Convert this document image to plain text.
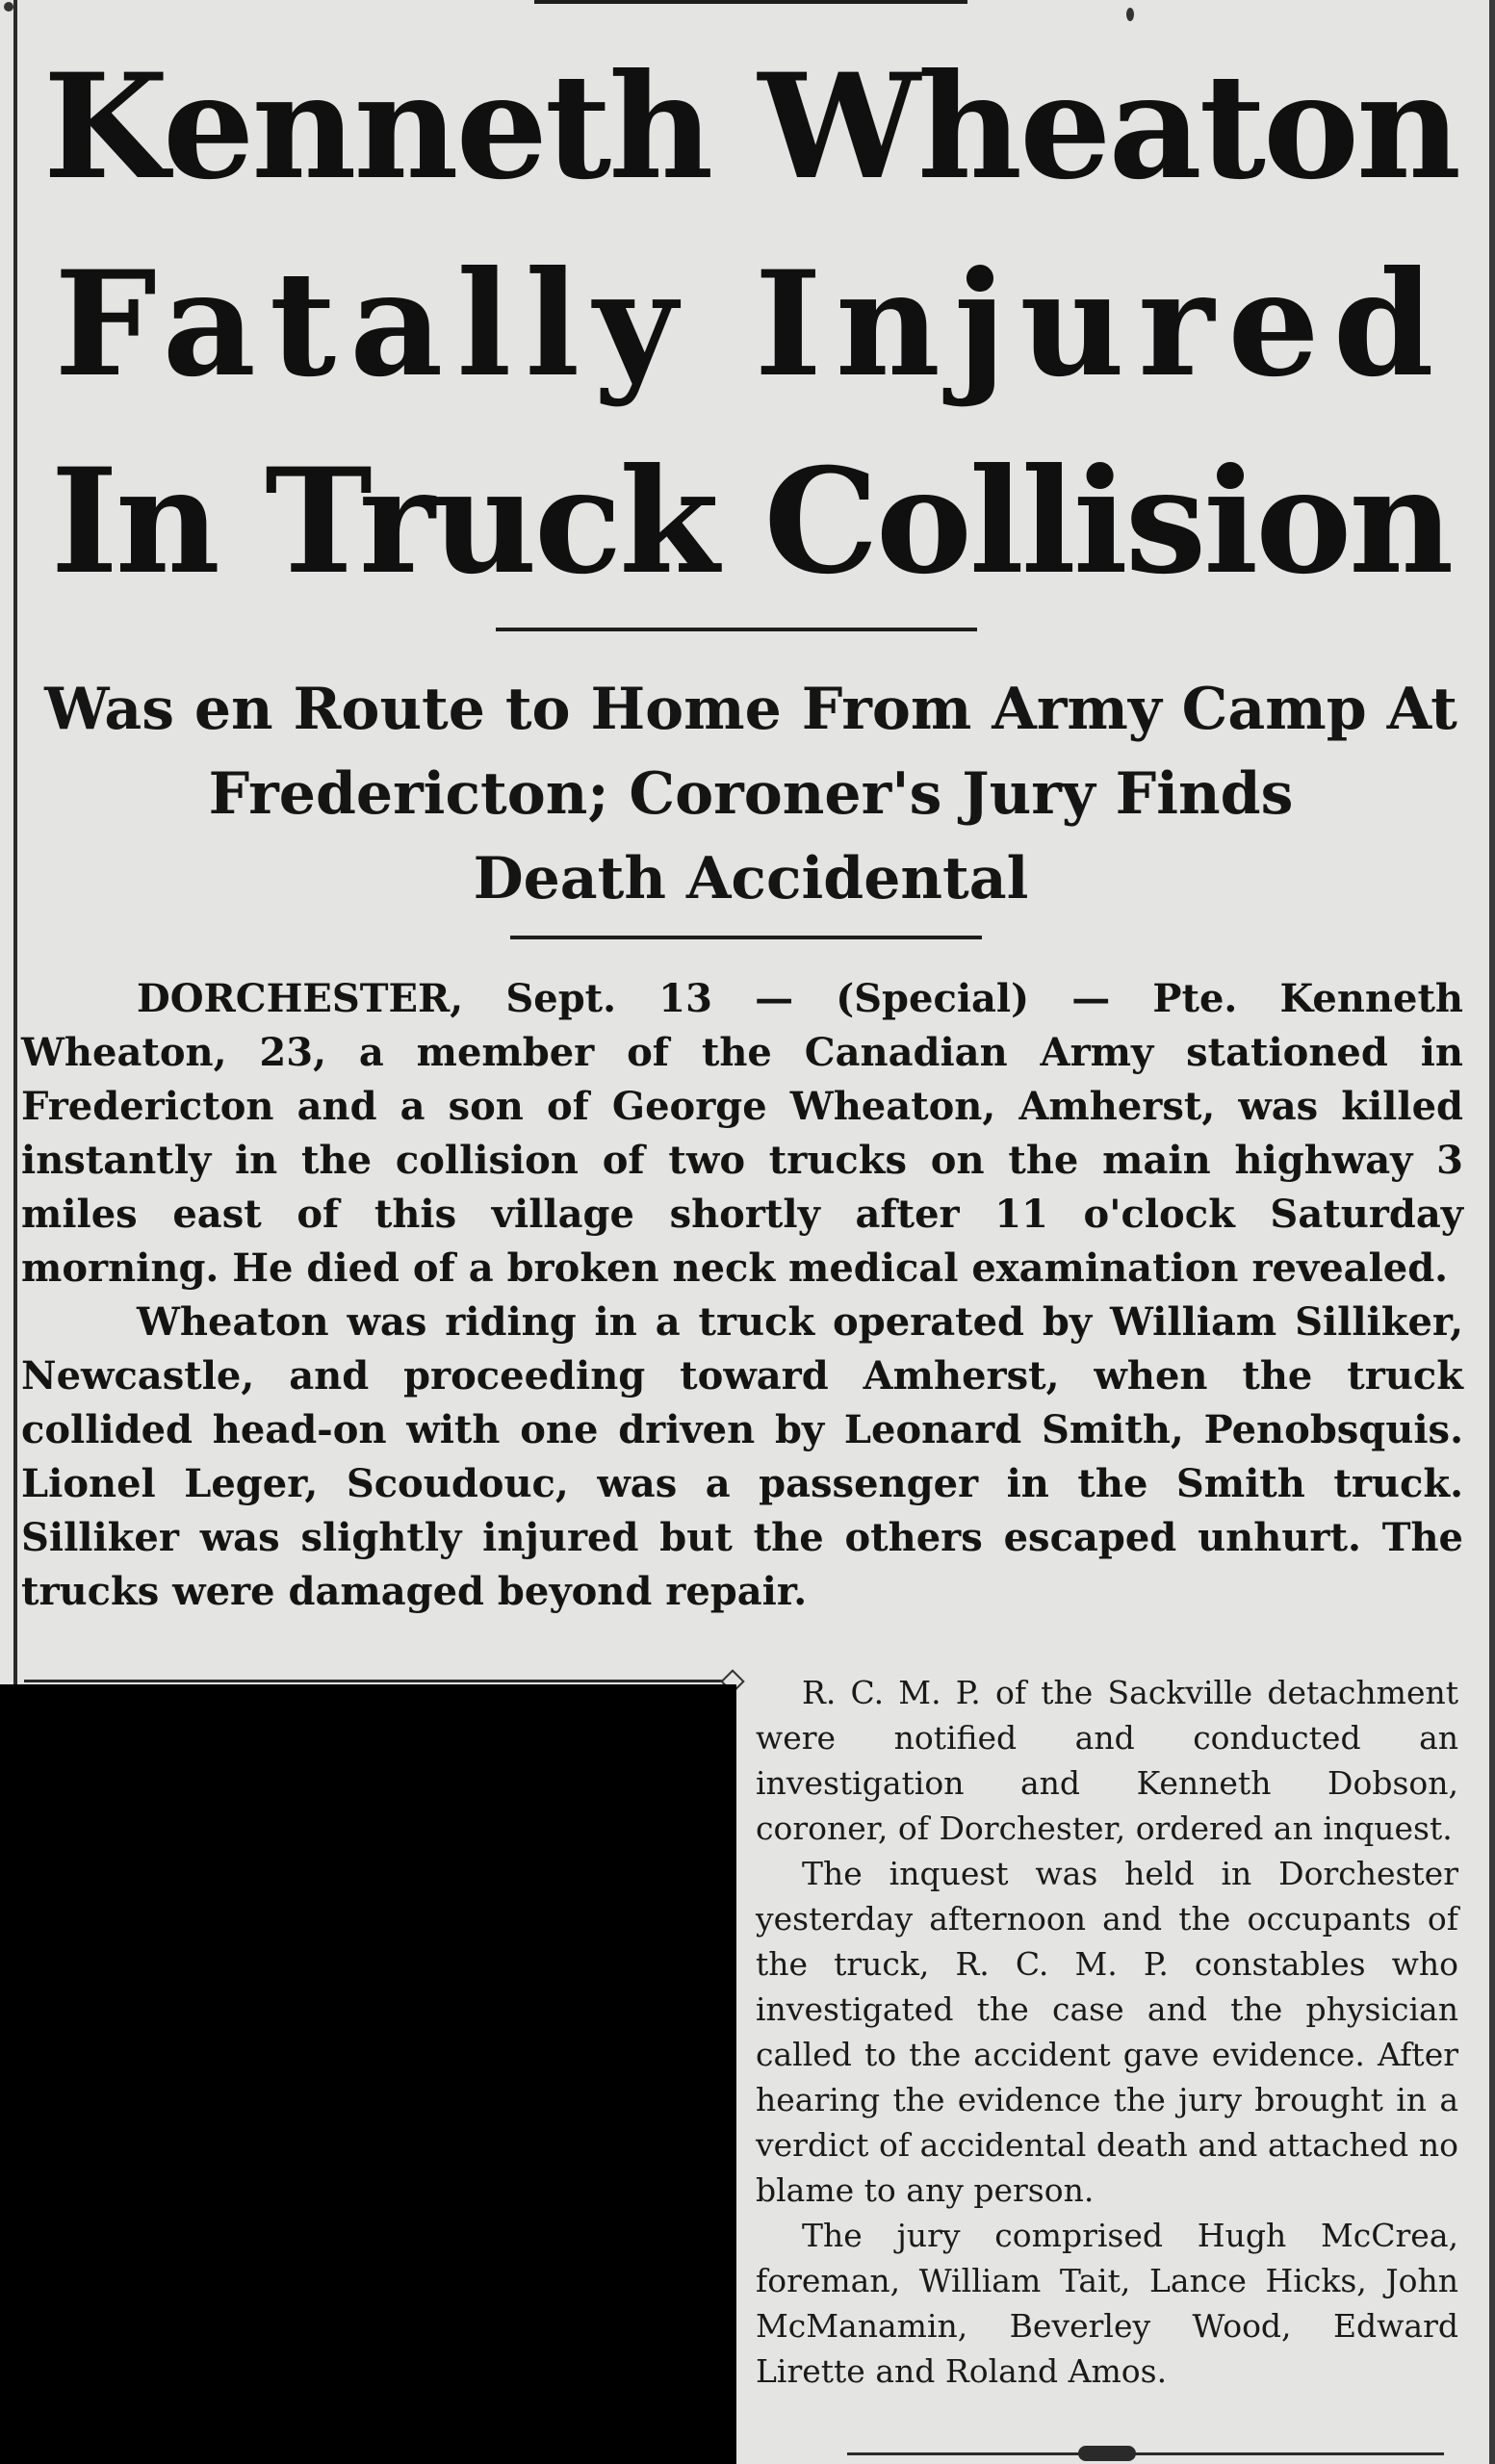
Kenneth Wheaton
Fatally Injured
In Truck Collision
Was en Route to Home From Army Camp At
Fredericton; Coroner's Jury Finds
Death Accidental

DORCHESTER, Sept. 13 — (Special) — Pte. Kenneth Wheaton, 23, a member of the Canadian Army stationed in Fredericton and a son of George Wheaton, Amherst, was killed instantly in the collision of two trucks on the main highway 3 miles east of this village shortly after 11 o'clock Saturday morning. He died of a broken neck medical examination revealed.

Wheaton was riding in a truck operated by William Silliker, Newcastle, and proceeding toward Amherst, when the truck collided head-on with one driven by Leonard Smith, Penobsquis. Lionel Leger, Scoudouc, was a passenger in the Smith truck. Silliker was slightly injured but the others escaped unhurt. The trucks were damaged beyond repair.

R. C. M. P. of the Sackville detachment were notified and conducted an investigation and Kenneth Dobson, coroner, of Dorchester, ordered an inquest.

The inquest was held in Dorchester yesterday afternoon and the occupants of the truck, R. C. M. P. constables who investigated the case and the physician called to the accident gave evidence. After hearing the evidence the jury brought in a verdict of accidental death and attached no blame to any person.

The jury comprised Hugh McCrea, foreman, William Tait, Lance Hicks, John McManamin, Beverley Wood, Edward Lirette and Roland Amos.
